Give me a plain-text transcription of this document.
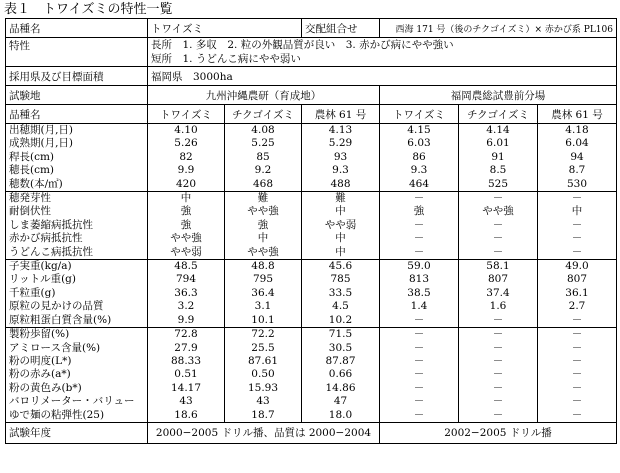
表１　トワイズミの特性一覧
品種名	トワイズミ		交配組合せ	西海 171 号（後のチクゴイズミ）× 赤かび系 PL106		
特性	長所　1. 多収　2. 粒の外観品質が良い　3. 赤かび病にやや強い
短所　1. うどんこ病にやや弱い					

採用県及び目標面積	福岡県　3000ha					
試験地	九州沖縄農研（育成地）			福岡農総試豊前分場		
品種名	トワイズミ	チクゴイズミ	農林 61 号	トワイズミ	チクゴイズミ	農林 61 号
出穂期(月,日)	4.10	4.08	4.13	4.15	4.14	4.18
成熟期(月,日)	5.26	5.25	5.29	6.03	6.01	6.04
稈長(cm)	82	85	93	86	91	94
穂長(cm)	9.9	9.2	9.3	9.3	8.5	8.7
穂数(本/㎡)	420	468	488	464	525	530
穂発芽性	中	難	難	－	－	－
耐倒伏性	強	やや強	中	強	やや強	中
しま萎縮病抵抗性	強	強	やや弱	－	－	－
赤かび病抵抗性	やや強	中	中	－	－	－
うどんこ病抵抗性	やや弱	やや強	中	－	－	－
子実重(kg/a)	48.5	48.8	45.6	59.0	58.1	49.0
リットル重(g)	794	795	785	813	807	807
千粒重(g)	36.3	36.4	33.5	38.5	37.4	36.1
原粒の見かけの品質	3.2	3.1	4.5	1.4	1.6	2.7
原粒粗蛋白質含量(%)	9.9	10.1	10.2	－	－	－
製粉歩留(%)	72.8	72.2	71.5	－	－	－
アミロース含量(%)	27.9	25.5	30.5	－	－	－
粉の明度(L*)	88.33	87.61	87.87	－	－	－
粉の赤み(a*)	0.51	0.50	0.66	－	－	－
粉の黄色み(b*)	14.17	15.93	14.86	－	－	－
バロリメーター・バリュー	43	43	47	－	－	－
ゆで麺の粘弾性(25)	18.6	18.7	18.0	－	－	－
試験年度	2000−2005 ドリル播、品質は 2000−2004			2002−2005 ドリル播		
